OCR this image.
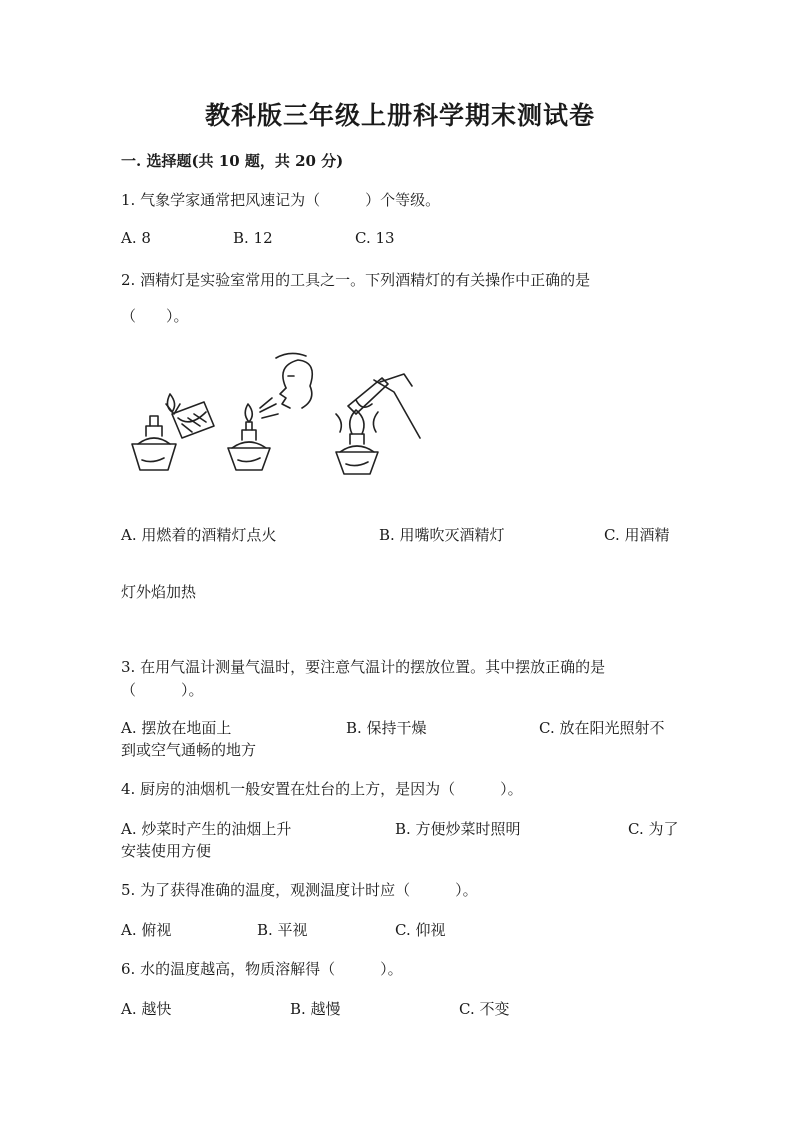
教科版三年级上册科学期末测试卷
一. 选择题(共 10 题，共 20 分)
1. 气象学家通常把风速记为（　　　）个等级。
A. 8	B. 12	C. 13
2. 酒精灯是实验室常用的工具之一。下列酒精灯的有关操作中正确的是
（　　）。
A. 用燃着的酒精灯点火	B. 用嘴吹灭酒精灯	C. 用酒精
灯外焰加热
3. 在用气温计测量气温时，要注意气温计的摆放位置。其中摆放正确的是
（　　　）。
A. 摆放在地面上	B. 保持干燥	C. 放在阳光照射不
到或空气通畅的地方
4. 厨房的油烟机一般安置在灶台的上方，是因为（　　　）。
A. 炒菜时产生的油烟上升	B. 方便炒菜时照明	C. 为了
安装使用方便
5. 为了获得准确的温度，观测温度计时应（　　　）。
A. 俯视	B. 平视	C. 仰视
6. 水的温度越高，物质溶解得（　　　）。
A. 越快	B. 越慢	C. 不变
